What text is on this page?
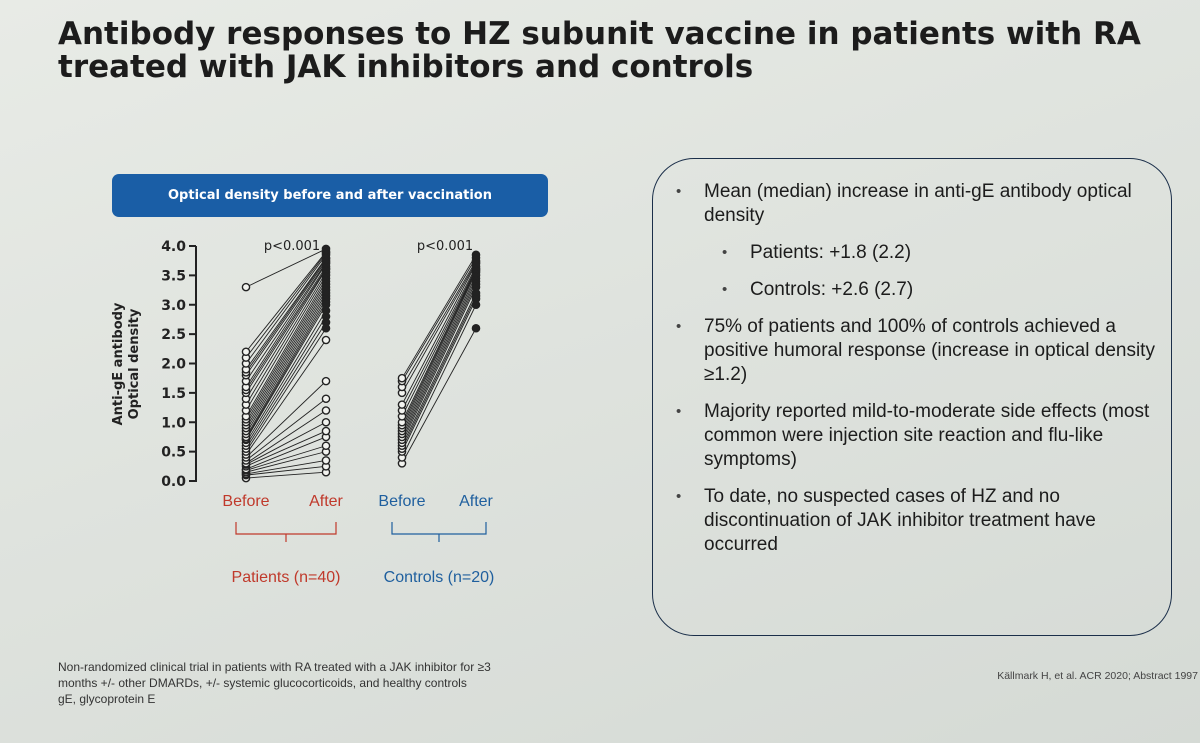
Antibody responses to HZ subunit vaccine in patients with RA
treated with JAK inhibitors and controls
Optical density before and after vaccination
0.0
0.5
1.0
1.5
2.0
2.5
3.0
3.5
4.0
Anti-gE antibody Optical density
p<0.001
Before After
Patients (n=40)
p<0.001
Before After
Controls (n=20)
• Mean (median) increase in anti-gE antibody optical density
• Patients: +1.8 (2.2)
• Controls: +2.6 (2.7)
• 75% of patients and 100% of controls achieved a positive humoral response (increase in optical density ≥1.2)
• Majority reported mild-to-moderate side effects (most common were injection site reaction and flu-like symptoms)
• To date, no suspected cases of HZ and no discontinuation of JAK inhibitor treatment have occurred
Non-randomized clinical trial in patients with RA treated with a JAK inhibitor for ≥3
months +/- other DMARDs, +/- systemic glucocorticoids, and healthy controls
gE, glycoprotein E
Källmark H, et al. ACR 2020; Abstract 1997
